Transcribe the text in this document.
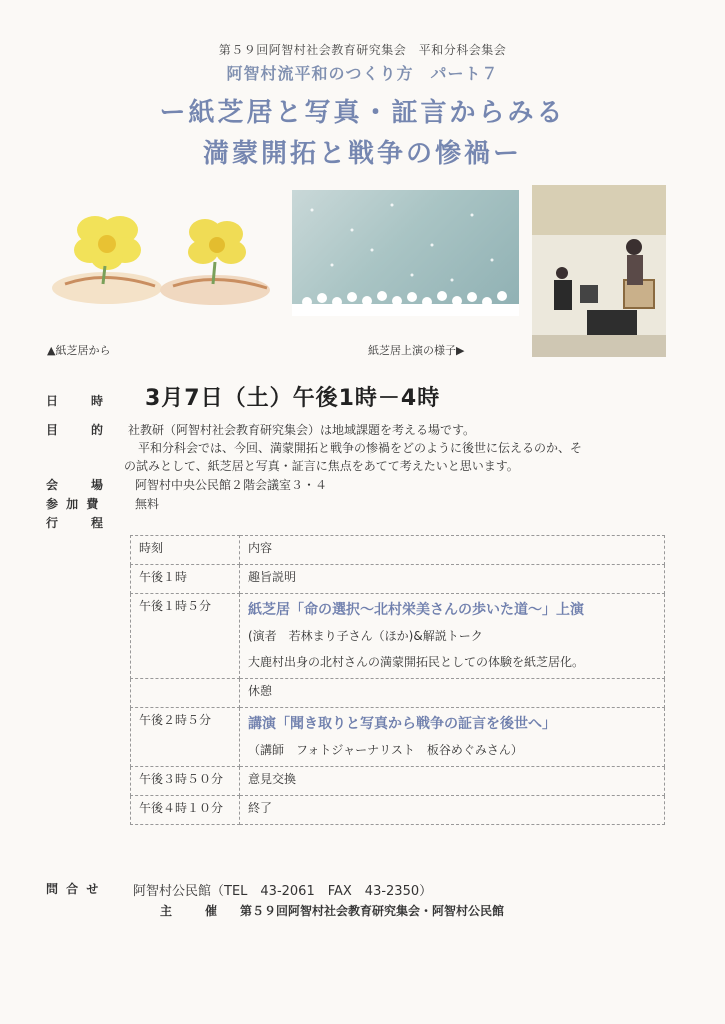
第５９回阿智村社会教育研究集会　平和分科会集会
阿智村流平和のつくり方　パート７
ー紙芝居と写真・証言からみる
満蒙開拓と戦争の惨禍ー
▲紙芝居から	紙芝居上演の様子▶
日　　時 3月7日（土）午後1時－4時
目　　的 社教研（阿智村社会教育研究集会）は地域課題を考える場です。
平和分科会では、今回、満蒙開拓と戦争の惨禍をどのように後世に伝えるのか、そ
の試みとして、紙芝居と写真・証言に焦点をあてて考えたいと思います。
会　　場 阿智村中央公民館２階会議室３・４
参 加 費	無料
行　　程
時刻	内容
午後１時	趣旨説明
午後１時５分	紙芝居「命の選択～北村栄美さんの歩いた道～」上演
(演者　若林まり子さん（ほか)&解説トーク
大鹿村出身の北村さんの満蒙開拓民としての体験を紙芝居化。

	休憩
午後２時５分	講演「聞き取りと写真から戦争の証言を後世へ」
（講師　フォトジャーナリスト　板谷めぐみさん）

午後３時５０分	意見交換
午後４時１０分	終了
問 合 せ	阿智村公民館（TEL　43-2061　FAX　43-2350）
主　　催 第５９回阿智村社会教育研究集会・阿智村公民館
